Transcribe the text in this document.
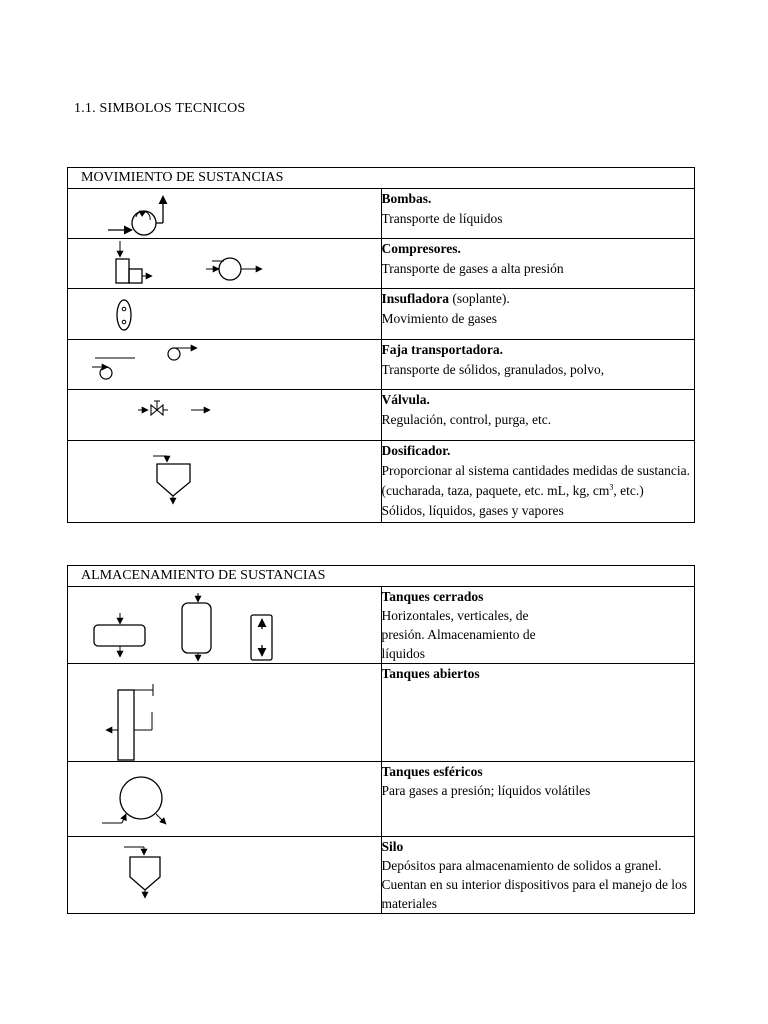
1.1. SIMBOLOS TECNICOS
MOVIMIENTO DE SUSTANCIAS	

Bombas.
Transporte de líquidos

Compresores.
Transporte de gases a alta presión

Insufladora (soplante).
Movimiento de gases

Faja transportadora.
Transporte de sólidos, granulados, polvo,

Válvula.
Regulación, control, purga, etc.

Dosificador.
Proporcionar al sistema cantidades medidas de sustancia.
(cucharada, taza, paquete, etc. mL, kg, $cm^3$, etc.)
Sólidos, líquidos, gases y vapores
ALMACENAMIENTO DE SUSTANCIAS	

Tanques cerrados
Horizontales, verticales, de presión. Almacenamiento de líquidos

Tanques abiertos

Tanques esféricos
Para gases a presión; líquidos volátiles

Silo
Depósitos para almacenamiento de solidos a granel.
Cuentan en su interior dispositivos para el manejo de los materiales
